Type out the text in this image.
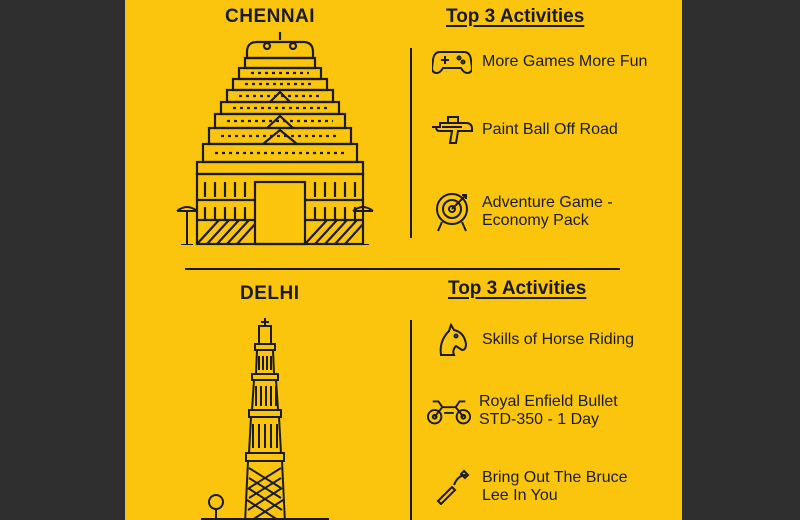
CHENNAI	Top 3 Activities
More Games More Fun
Paint Ball Off Road
Adventure Game -
Economy Pack
DELHI	Top 3 Activities
Skills of Horse Riding
Royal Enfield Bullet
STD-350 - 1 Day
Bring Out The Bruce
Lee In You
